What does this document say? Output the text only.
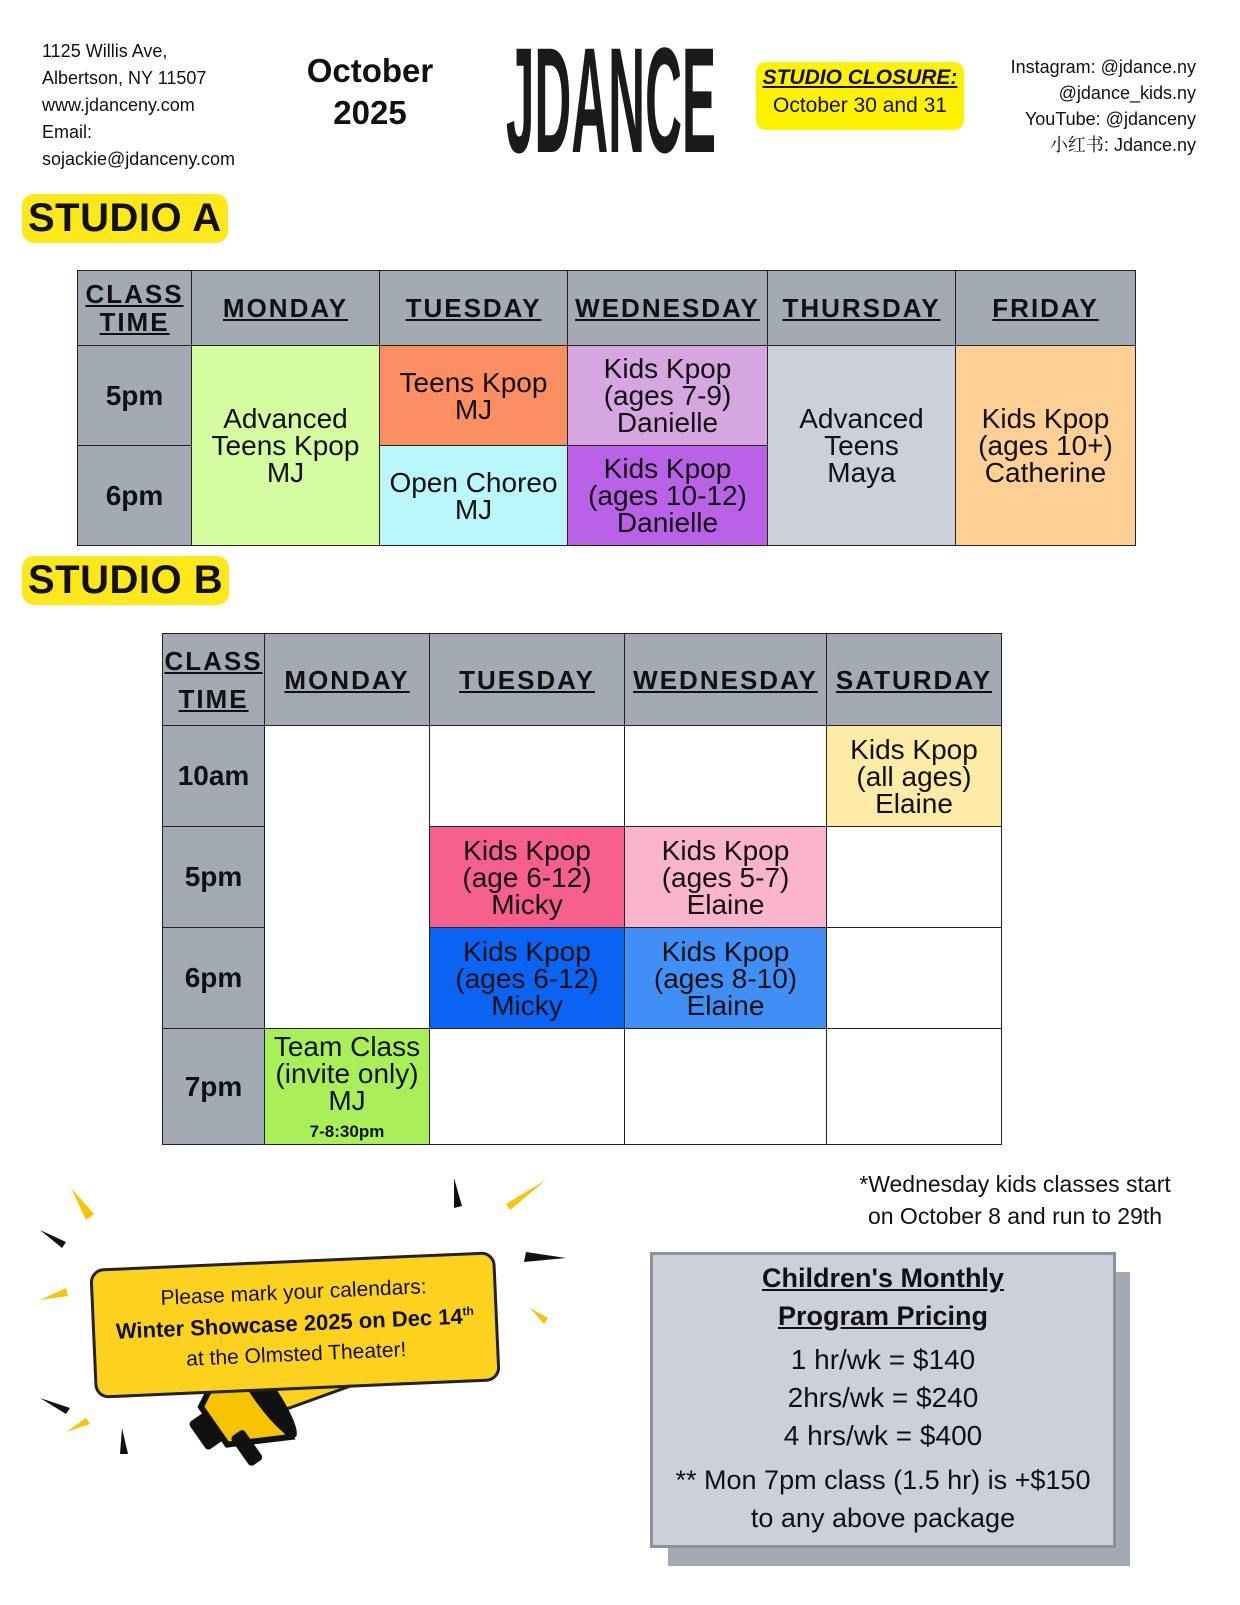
1125 Willis Ave,
Albertson, NY 11507
www.jdanceny.com
Email:
sojackie@jdanceny.com
October
2025 JDANCE	STUDIO CLOSURE:
October 30 and 31
Instagram: @jdance.ny
@jdance_kids.ny
YouTube: @jdanceny
小红书: Jdance.ny
STUDIO A
CLASS
TIME	MONDAY	TUESDAY	WEDNESDAY	THURSDAY	FRIDAY
5pm	Advanced
Teens Kpop
MJ	Teens Kpop
MJ	Kids Kpop
(ages 7-9)
Danielle	Advanced
Teens
Maya	Kids Kpop
(ages 10+)
Catherine
6pm		Open Choreo
MJ	Kids Kpop
(ages 10-12)
Danielle		
STUDIO B
CLASS
TIME	MONDAY	TUESDAY	WEDNESDAY	SATURDAY
10am				Kids Kpop
(all ages)
Elaine
5pm		Kids Kpop
(age 6-12)
Micky	Kids Kpop
(ages 5-7)
Elaine	
6pm		Kids Kpop
(ages 6-12)
Micky	Kids Kpop
(ages 8-10)
Elaine	
7pm	Team Class
(invite only)
MJ
7-8:30pm			
*Wednesday kids classes start
on October 8 and run to 29th
Please mark your calendars:
Winter Showcase 2025 on Dec 14th
at the Olmsted Theater!
Children's Monthly
Program Pricing
1 hr/wk = $140
2hrs/wk = $240
4 hrs/wk = $400
** Mon 7pm class (1.5 hr) is +$150
to any above package
